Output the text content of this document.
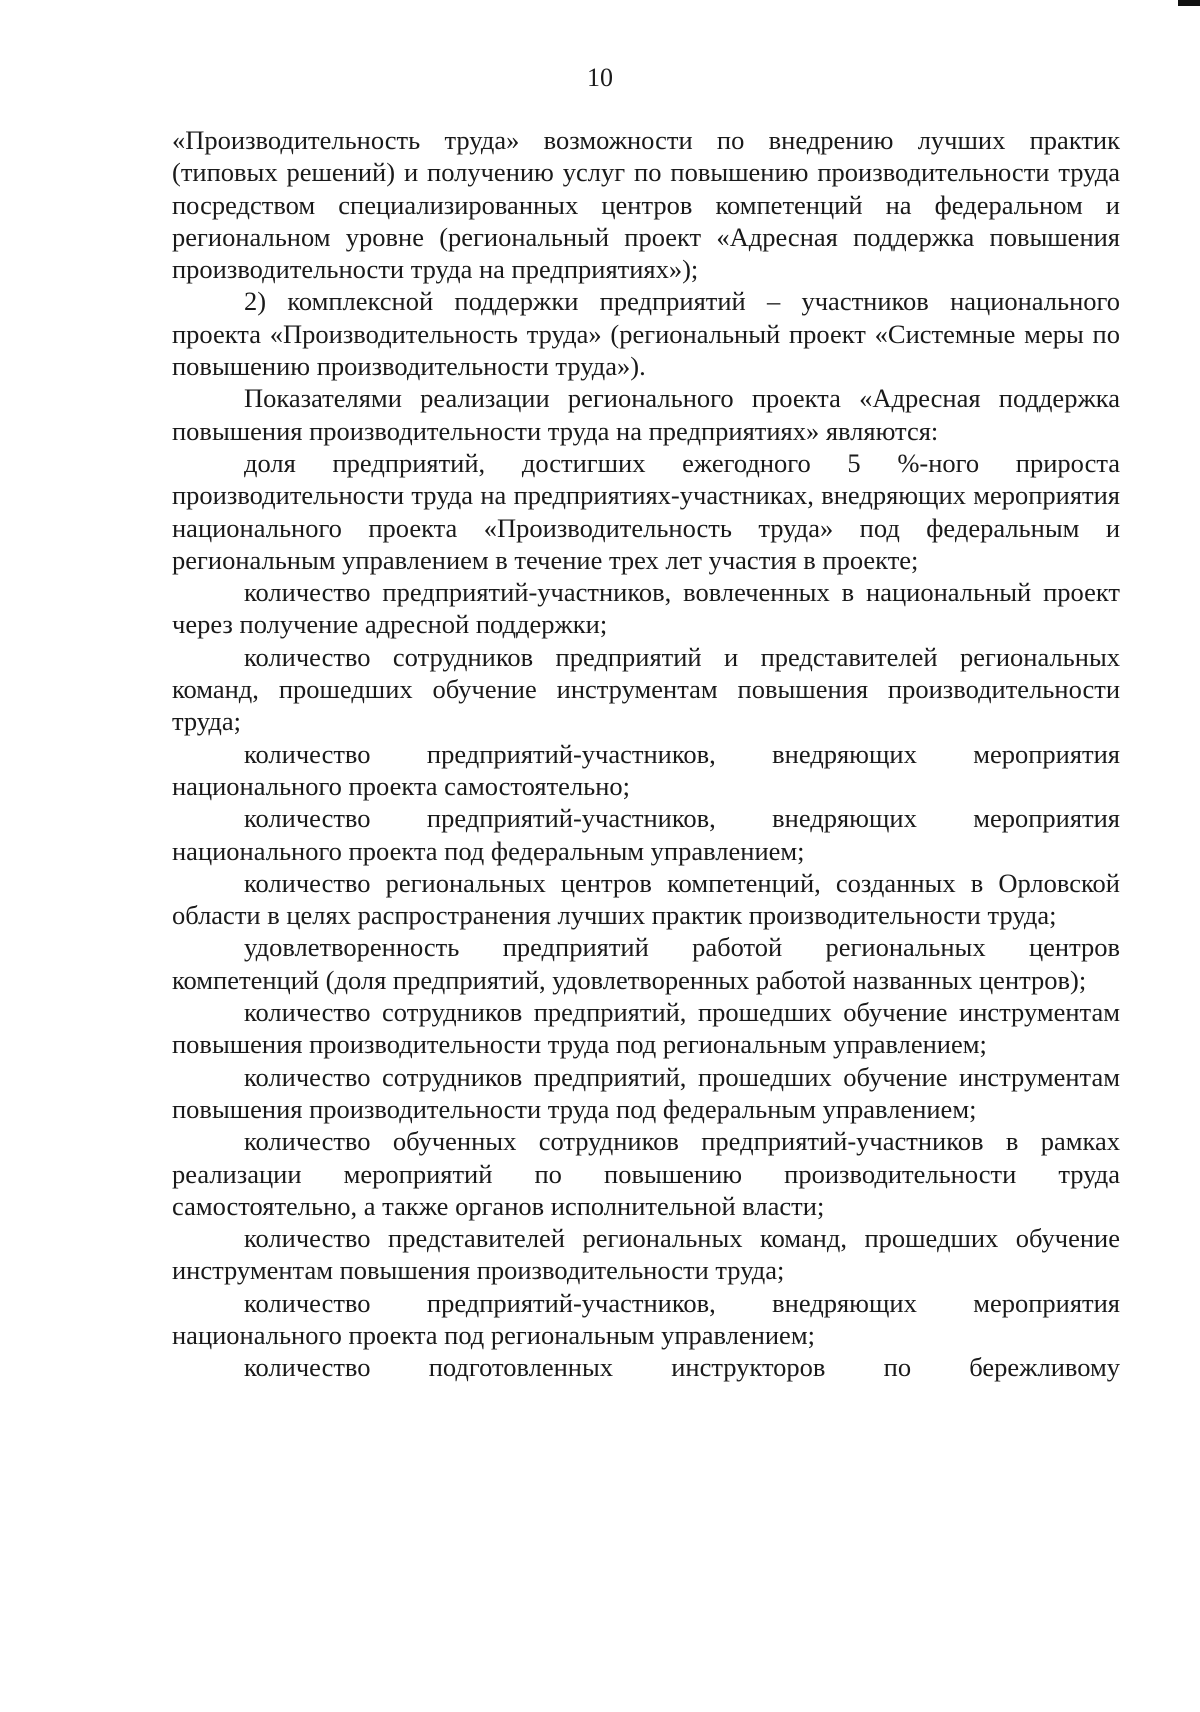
10

«Производительность труда» возможности по внедрению лучших практик (типовых решений) и получению услуг по повышению производительности труда посредством специализированных центров компетенций на федеральном и региональном уровне (региональный проект «Адресная поддержка повышения производительности труда на предприятиях»);

2) комплексной поддержки предприятий – участников национального проекта «Производительность труда» (региональный проект «Системные меры по повышению производительности труда»).

Показателями реализации регионального проекта «Адресная поддержка повышения производительности труда на предприятиях» являются:

доля предприятий, достигших ежегодного 5 %-ного прироста производительности труда на предприятиях-участниках, внедряющих мероприятия национального проекта «Производительность труда» под федеральным и региональным управлением в течение трех лет участия в проекте;

количество предприятий-участников, вовлеченных в национальный проект через получение адресной поддержки;

количество сотрудников предприятий и представителей региональных команд, прошедших обучение инструментам повышения производительности труда;

количество предприятий-участников, внедряющих мероприятия национального проекта самостоятельно;

количество предприятий-участников, внедряющих мероприятия национального проекта под федеральным управлением;

количество региональных центров компетенций, созданных в Орловской области в целях распространения лучших практик производительности труда;

удовлетворенность предприятий работой региональных центров компетенций (доля предприятий, удовлетворенных работой названных центров);

количество сотрудников предприятий, прошедших обучение инструментам повышения производительности труда под региональным управлением;

количество сотрудников предприятий, прошедших обучение инструментам повышения производительности труда под федеральным управлением;

количество обученных сотрудников предприятий-участников в рамках реализации мероприятий по повышению производительности труда самостоятельно, а также органов исполнительной власти;

количество представителей региональных команд, прошедших обучение инструментам повышения производительности труда;

количество предприятий-участников, внедряющих мероприятия национального проекта под региональным управлением;

количество подготовленных инструкторов по бережливому
